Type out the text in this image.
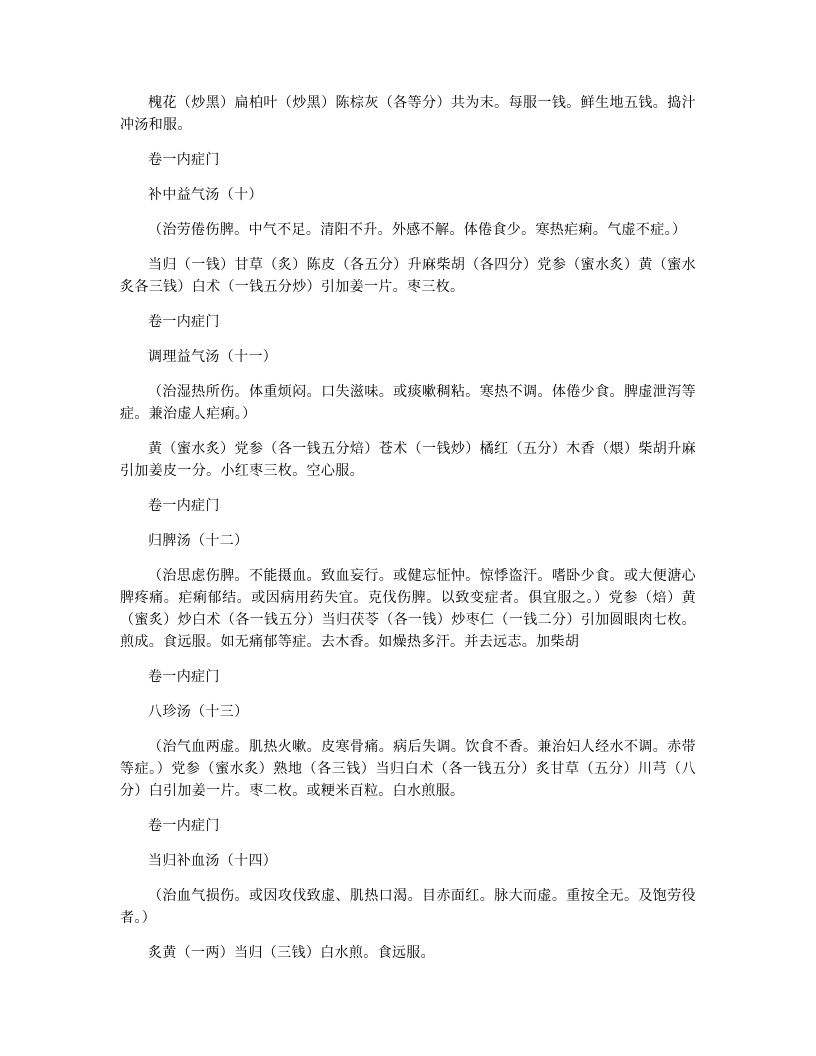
槐花（炒黑）扁柏叶（炒黑）陈棕灰（各等分）共为末。每服一钱。鲜生地五钱。捣汁冲汤和服。

卷一内症门

补中益气汤（十）

（治劳倦伤脾。中气不足。清阳不升。外感不解。体倦食少。寒热疟痢。气虚不症。）

当归（一钱）甘草（炙）陈皮（各五分）升麻柴胡（各四分）党参（蜜水炙）黄（蜜水炙各三钱）白术（一钱五分炒）引加姜一片。枣三枚。

卷一内症门

调理益气汤（十一）

（治湿热所伤。体重烦闷。口失滋味。或痰嗽稠粘。寒热不调。体倦少食。脾虚泄泻等症。兼治虚人疟痢。）

黄（蜜水炙）党参（各一钱五分焙）苍术（一钱炒）橘红（五分）木香（煨）柴胡升麻引加姜皮一分。小红枣三枚。空心服。

卷一内症门

归脾汤（十二）

（治思虑伤脾。不能摄血。致血妄行。或健忘怔忡。惊悸盗汗。嗜卧少食。或大便溏心脾疼痛。疟痢郁结。或因病用药失宜。克伐伤脾。以致变症者。俱宜服之。）党参（焙）黄（蜜炙）炒白术（各一钱五分）当归茯苓（各一钱）炒枣仁（一钱二分）引加圆眼肉七枚。煎成。食远服。如无痛郁等症。去木香。如燥热多汗。并去远志。加柴胡

卷一内症门

八珍汤（十三）

（治气血两虚。肌热火嗽。皮寒骨痛。病后失调。饮食不香。兼治妇人经水不调。赤带等症。）党参（蜜水炙）熟地（各三钱）当归白术（各一钱五分）炙甘草（五分）川芎（八分）白引加姜一片。枣二枚。或粳米百粒。白水煎服。

卷一内症门

当归补血汤（十四）

（治血气损伤。或因攻伐致虚、肌热口渴。目赤面红。脉大而虚。重按全无。及饱劳役者。）

炙黄（一两）当归（三钱）白水煎。食远服。
